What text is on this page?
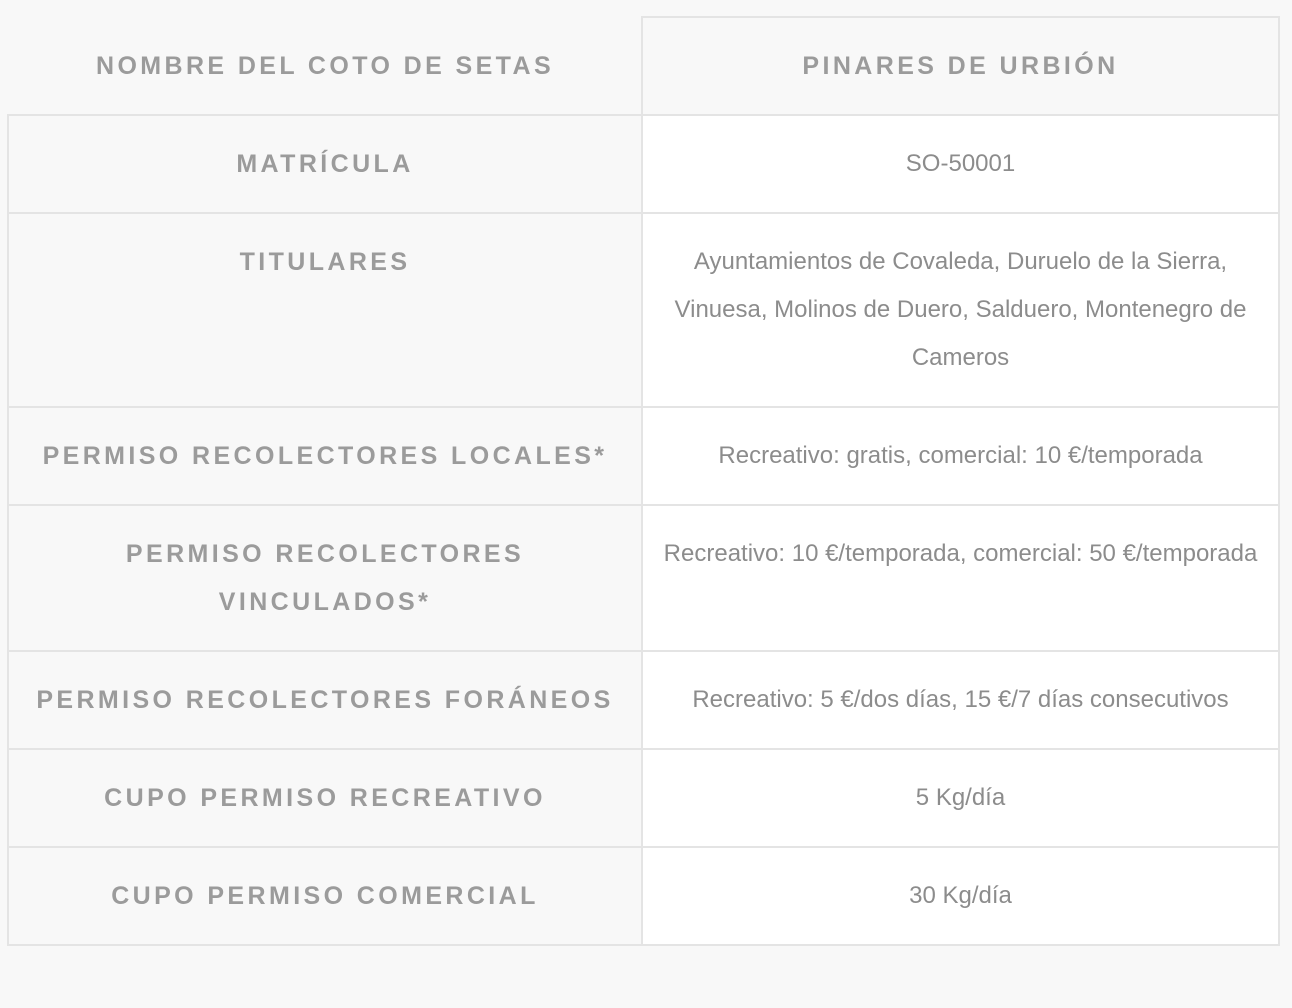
NOMBRE DEL COTO DE SETAS	PINARES DE URBIÓN

MATRÍCULA	SO-50001

TITULARES	Ayuntamientos de Covaleda, Duruelo de la Sierra, Vinuesa, Molinos de Duero, Salduero, Montenegro de Cameros

PERMISO RECOLECTORES LOCALES*	Recreativo: gratis, comercial: 10 €/temporada

PERMISO RECOLECTORES VINCULADOS*	Recreativo: 10 €/temporada, comercial: 50 €/temporada

PERMISO RECOLECTORES FORÁNEOS	Recreativo: 5 €/dos días, 15 €/7 días consecutivos

CUPO PERMISO RECREATIVO	5 Kg/día

CUPO PERMISO COMERCIAL	30 Kg/día
